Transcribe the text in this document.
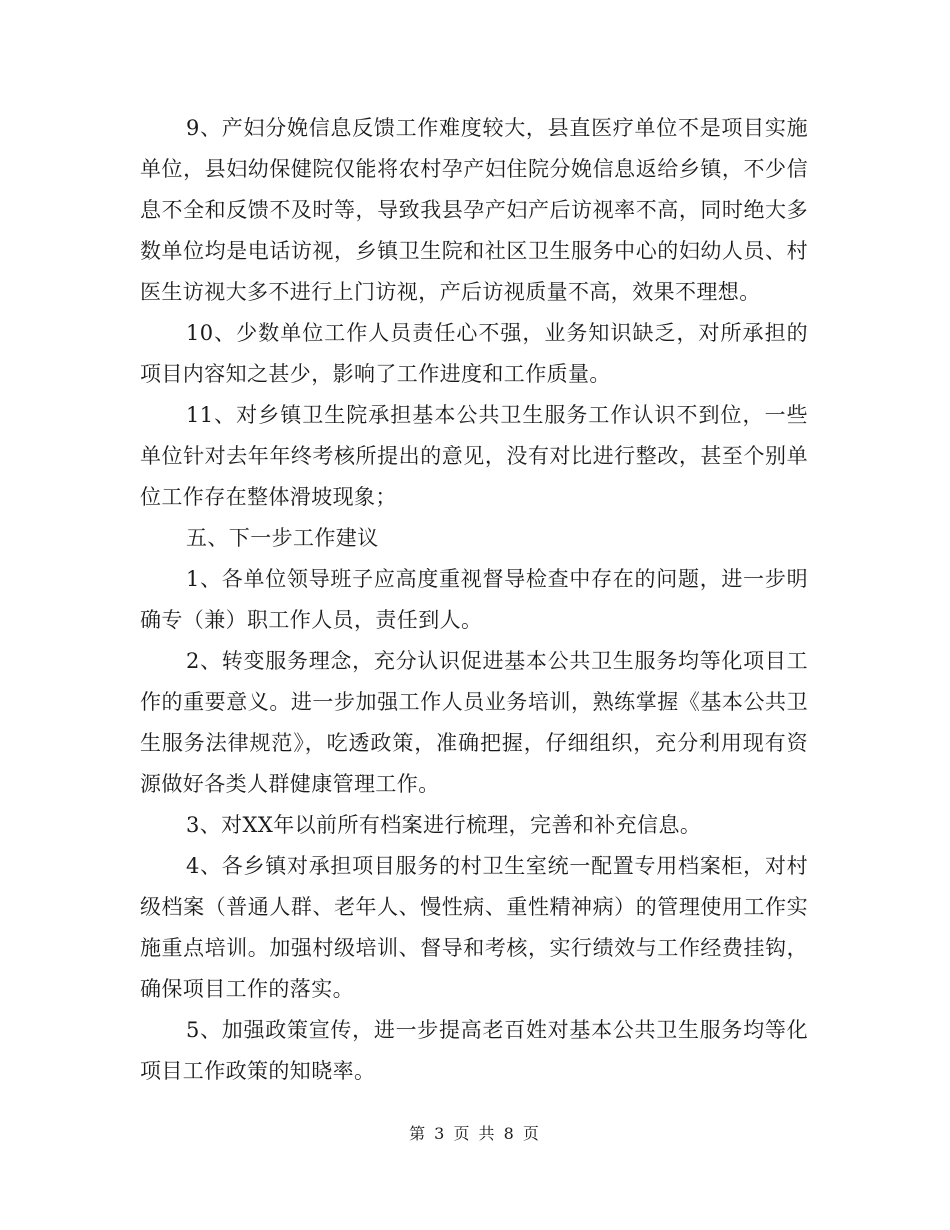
9、产妇分娩信息反馈工作难度较大，县直医疗单位不是项目实施单位，县妇幼保健院仅能将农村孕产妇住院分娩信息返给乡镇，不少信息不全和反馈不及时等，导致我县孕产妇产后访视率不高，同时绝大多数单位均是电话访视，乡镇卫生院和社区卫生服务中心的妇幼人员、村医生访视大多不进行上门访视，产后访视质量不高，效果不理想。

10、少数单位工作人员责任心不强，业务知识缺乏，对所承担的项目内容知之甚少，影响了工作进度和工作质量。

11、对乡镇卫生院承担基本公共卫生服务工作认识不到位，一些单位针对去年年终考核所提出的意见，没有对比进行整改，甚至个别单位工作存在整体滑坡现象；

五、下一步工作建议

1、各单位领导班子应高度重视督导检查中存在的问题，进一步明确专（兼）职工作人员，责任到人。

2、转变服务理念，充分认识促进基本公共卫生服务均等化项目工作的重要意义。进一步加强工作人员业务培训，熟练掌握《基本公共卫生服务法律规范》，吃透政策，准确把握，仔细组织，充分利用现有资源做好各类人群健康管理工作。

3、对XX年以前所有档案进行梳理，完善和补充信息。

4、各乡镇对承担项目服务的村卫生室统一配置专用档案柜，对村级档案（普通人群、老年人、慢性病、重性精神病）的管理使用工作实施重点培训。加强村级培训、督导和考核，实行绩效与工作经费挂钩，确保项目工作的落实。

5、加强政策宣传，进一步提高老百姓对基本公共卫生服务均等化项目工作政策的知晓率。

第 3 页 共 8 页
